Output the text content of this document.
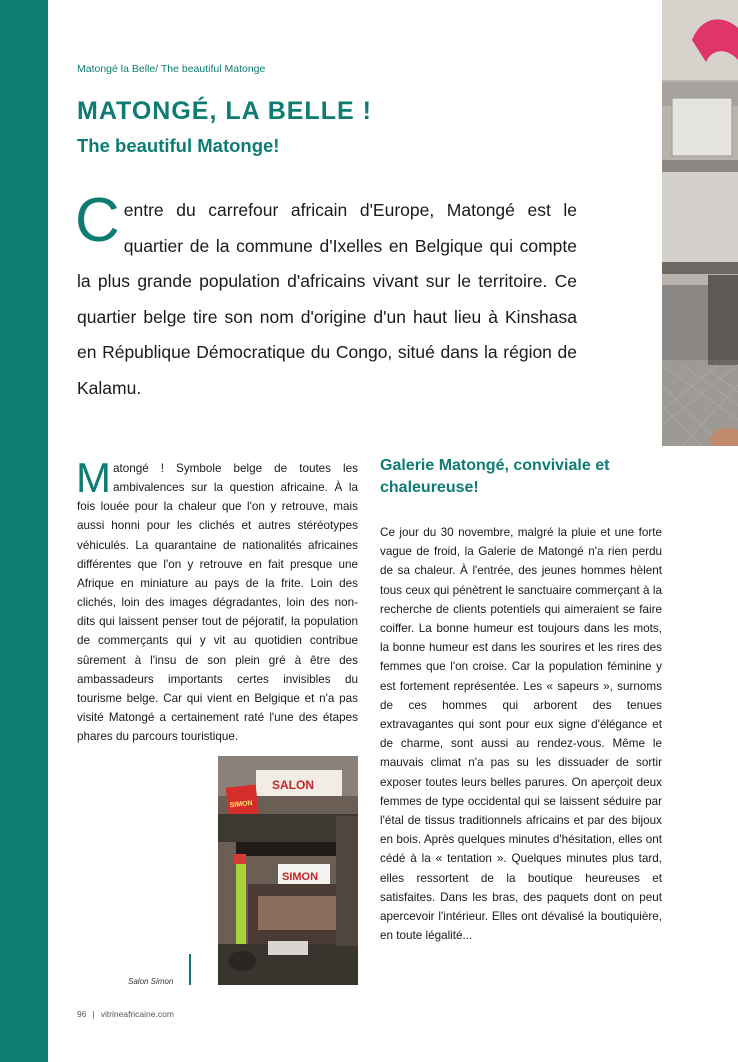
Matongé la Belle/ The beautiful Matonge
MATONGÉ, LA BELLE !
The beautiful Matonge!

Centre du carrefour africain d'Europe, Matongé est le quartier de la commune d'Ixelles en Belgique qui compte la plus grande population d'africains vivant sur le territoire. Ce quartier belge tire son nom d'origine d'un haut lieu à Kinshasa en République Démocratique du Congo, situé dans la région de Kalamu.

Matongé ! Symbole belge de toutes les ambivalences sur la question africaine. À la fois louée pour la chaleur que l'on y retrouve, mais aussi honni pour les clichés et autres stéréotypes véhiculés. La quarantaine de nationalités africaines différentes que l'on y retrouve en fait presque une Afrique en miniature au pays de la frite. Loin des clichés, loin des images dégradantes, loin des non-dits qui laissent penser tout de péjoratif, la population de commerçants qui y vit au quotidien contribue sûrement à l'insu de son plein gré à être des ambassadeurs importants certes invisibles du tourisme belge. Car qui vient en Belgique et n'a pas visité Matongé a certainement raté l'une des étapes phares du parcours touristique.

Galerie Matongé, conviviale et chaleureuse!

Ce jour du 30 novembre, malgré la pluie et une forte vague de froid, la Galerie de Matongé n'a rien perdu de sa chaleur. À l'entrée, des jeunes hommes hèlent tous ceux qui pénètrent le sanctuaire commerçant à la recherche de clients potentiels qui aimeraient se faire coiffer. La bonne humeur est toujours dans les mots, la bonne humeur est dans les sourires et les rires des femmes que l'on croise. Car la population féminine y est fortement représentée. Les « sapeurs », surnoms de ces hommes qui arborent des tenues extravagantes qui sont pour eux signe d'élégance et de charme, sont aussi au rendez-vous. Même le mauvais climat n'a pas su les dissuader de sortir exposer toutes leurs belles parures. On aperçoit deux femmes de type occidental qui se laissent séduire par l'étal de tissus traditionnels africains et par des bijoux en bois. Après quelques minutes d'hésitation, elles ont cédé à la « tentation ». Quelques minutes plus tard, elles ressortent de la boutique heureuses et satisfaites. Dans les bras, des paquets dont on peut apercevoir l'intérieur. Elles ont dévalisé la boutiquière, en toute légalité...

SALON
SIMON
SIMON
Salon Simon
96 | vitrineafricaine.com
